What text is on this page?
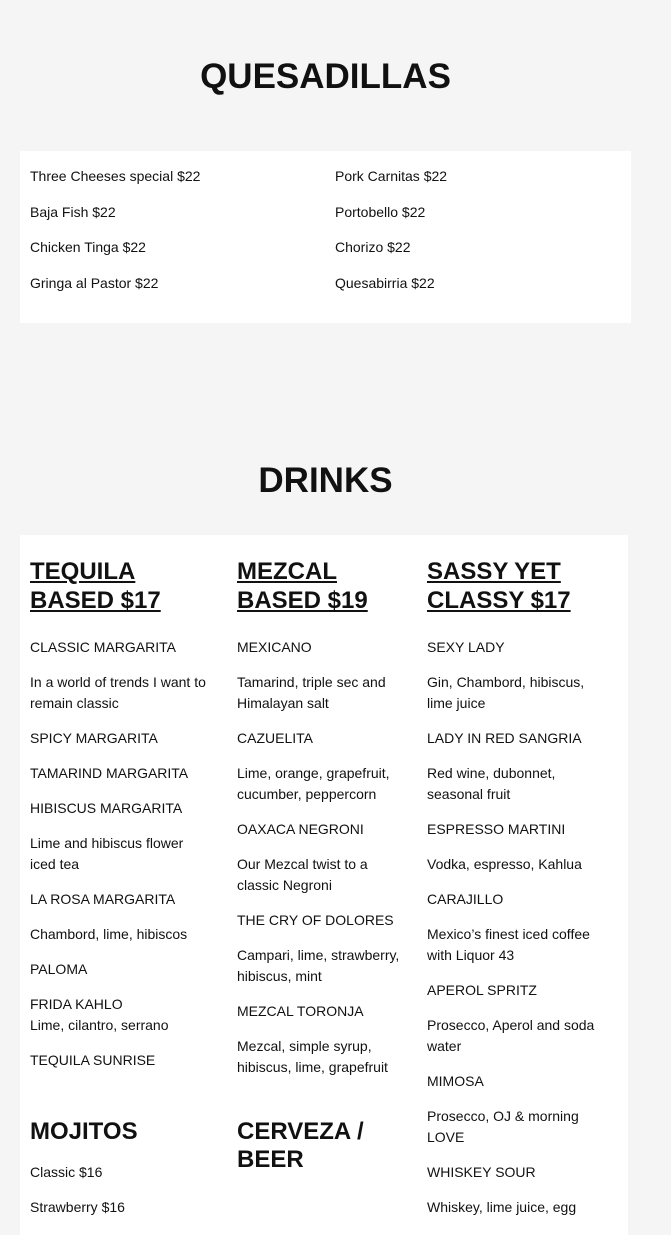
QUESADILLAS
Three Cheeses special $22
Baja Fish $22
Chicken Tinga $22
Gringa al Pastor $22
Pork Carnitas $22
Portobello $22
Chorizo $22
Quesabirria $22
DRINKS
TEQUILA BASED $17

CLASSIC MARGARITA

In a world of trends I want to remain classic

SPICY MARGARITA

TAMARIND MARGARITA

HIBISCUS MARGARITA

Lime and hibiscus flower iced tea

LA ROSA MARGARITA

Chambord, lime, hibiscos

PALOMA

FRIDA KAHLO

Lime, cilantro, serrano

TEQUILA SUNRISE

MOJITOS

Classic $16

Strawberry $16

MEZCAL BASED $19

MEXICANO

Tamarind, triple sec and Himalayan salt

CAZUELITA

Lime, orange, grapefruit, cucumber, peppercorn

OAXACA NEGRONI

Our Mezcal twist to a classic Negroni

THE CRY OF DOLORES

Campari, lime, strawberry, hibiscus, mint

MEZCAL TORONJA

Mezcal, simple syrup, hibiscus, lime, grapefruit

CERVEZA / BEER
SASSY YET CLASSY $17

SEXY LADY

Gin, Chambord, hibiscus, lime juice

LADY IN RED SANGRIA

Red wine, dubonnet, seasonal fruit

ESPRESSO MARTINI

Vodka, espresso, Kahlua

CARAJILLO

Mexico’s finest iced coffee with Liquor 43

APEROL SPRITZ

Prosecco, Aperol and soda water

MIMOSA

Prosecco, OJ & morning LOVE

WHISKEY SOUR

Whiskey, lime juice, egg
